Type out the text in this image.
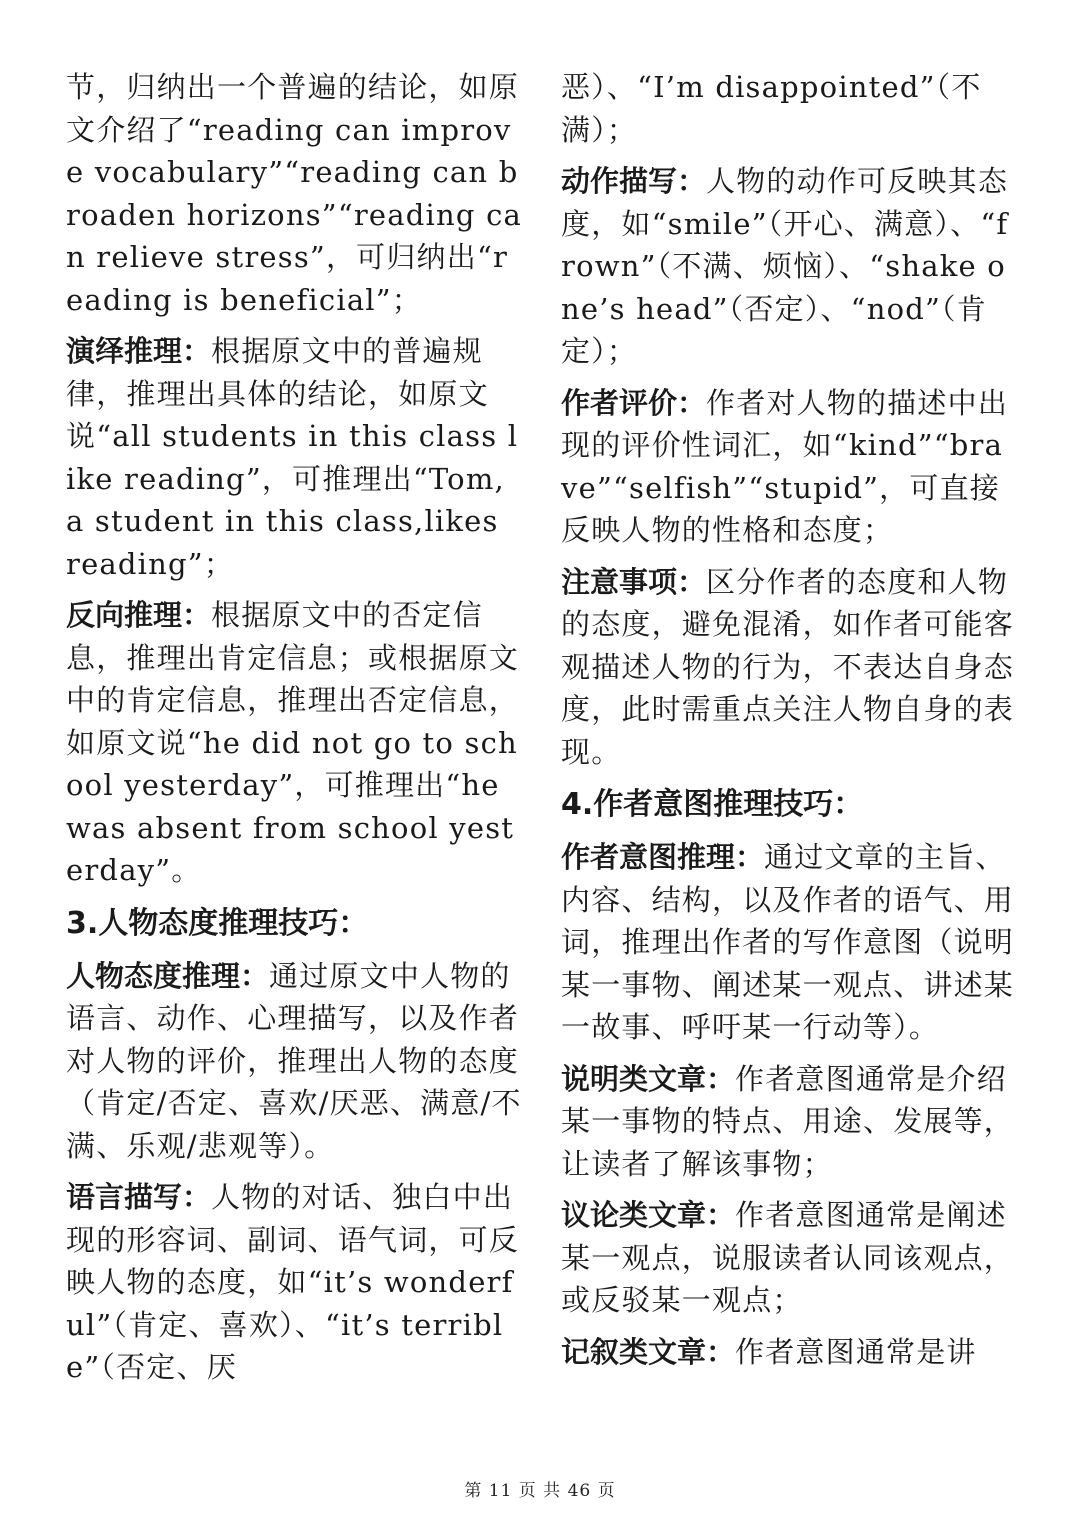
节，归纳出一个普遍的结论，如原文介绍了“reading can improve vocabulary”“reading can broaden horizons”“reading can relieve stress”，可归纳出“reading is beneficial”；

演绎推理：根据原文中的普遍规律，推理出具体的结论，如原文说“all students in this class like reading”，可推理出“Tom,a student in this class,likes reading”；

反向推理：根据原文中的否定信息，推理出肯定信息；或根据原文中的肯定信息，推理出否定信息，如原文说“he did not go to school yesterday”，可推理出“he was absent from school yesterday”。

3.人物态度推理技巧：

人物态度推理：通过原文中人物的语言、动作、心理描写，以及作者对人物的评价，推理出人物的态度（肯定/否定、喜欢/厌恶、满意/不满、乐观/悲观等）。

语言描写：人物的对话、独白中出现的形容词、副词、语气词，可反映人物的态度，如“it’s wonderful”（肯定、喜欢）、“it’s terrible”（否定、厌

恶）、“I’m disappointed”（不满）；

动作描写：人物的动作可反映其态度，如“smile”（开心、满意）、“frown”（不满、烦恼）、“shake one’s head”（否定）、“nod”（肯定）；

作者评价：作者对人物的描述中出现的评价性词汇，如“kind”“brave”“selfish”“stupid”，可直接反映人物的性格和态度；

注意事项：区分作者的态度和人物的态度，避免混淆，如作者可能客观描述人物的行为，不表达自身态度，此时需重点关注人物自身的表现。

4.作者意图推理技巧：

作者意图推理：通过文章的主旨、内容、结构，以及作者的语气、用词，推理出作者的写作意图（说明某一事物、阐述某一观点、讲述某一故事、呼吁某一行动等）。

说明类文章：作者意图通常是介绍某一事物的特点、用途、发展等，让读者了解该事物；

议论类文章：作者意图通常是阐述某一观点，说服读者认同该观点，或反驳某一观点；

记叙类文章：作者意图通常是讲

第 11 页 共 46 页
